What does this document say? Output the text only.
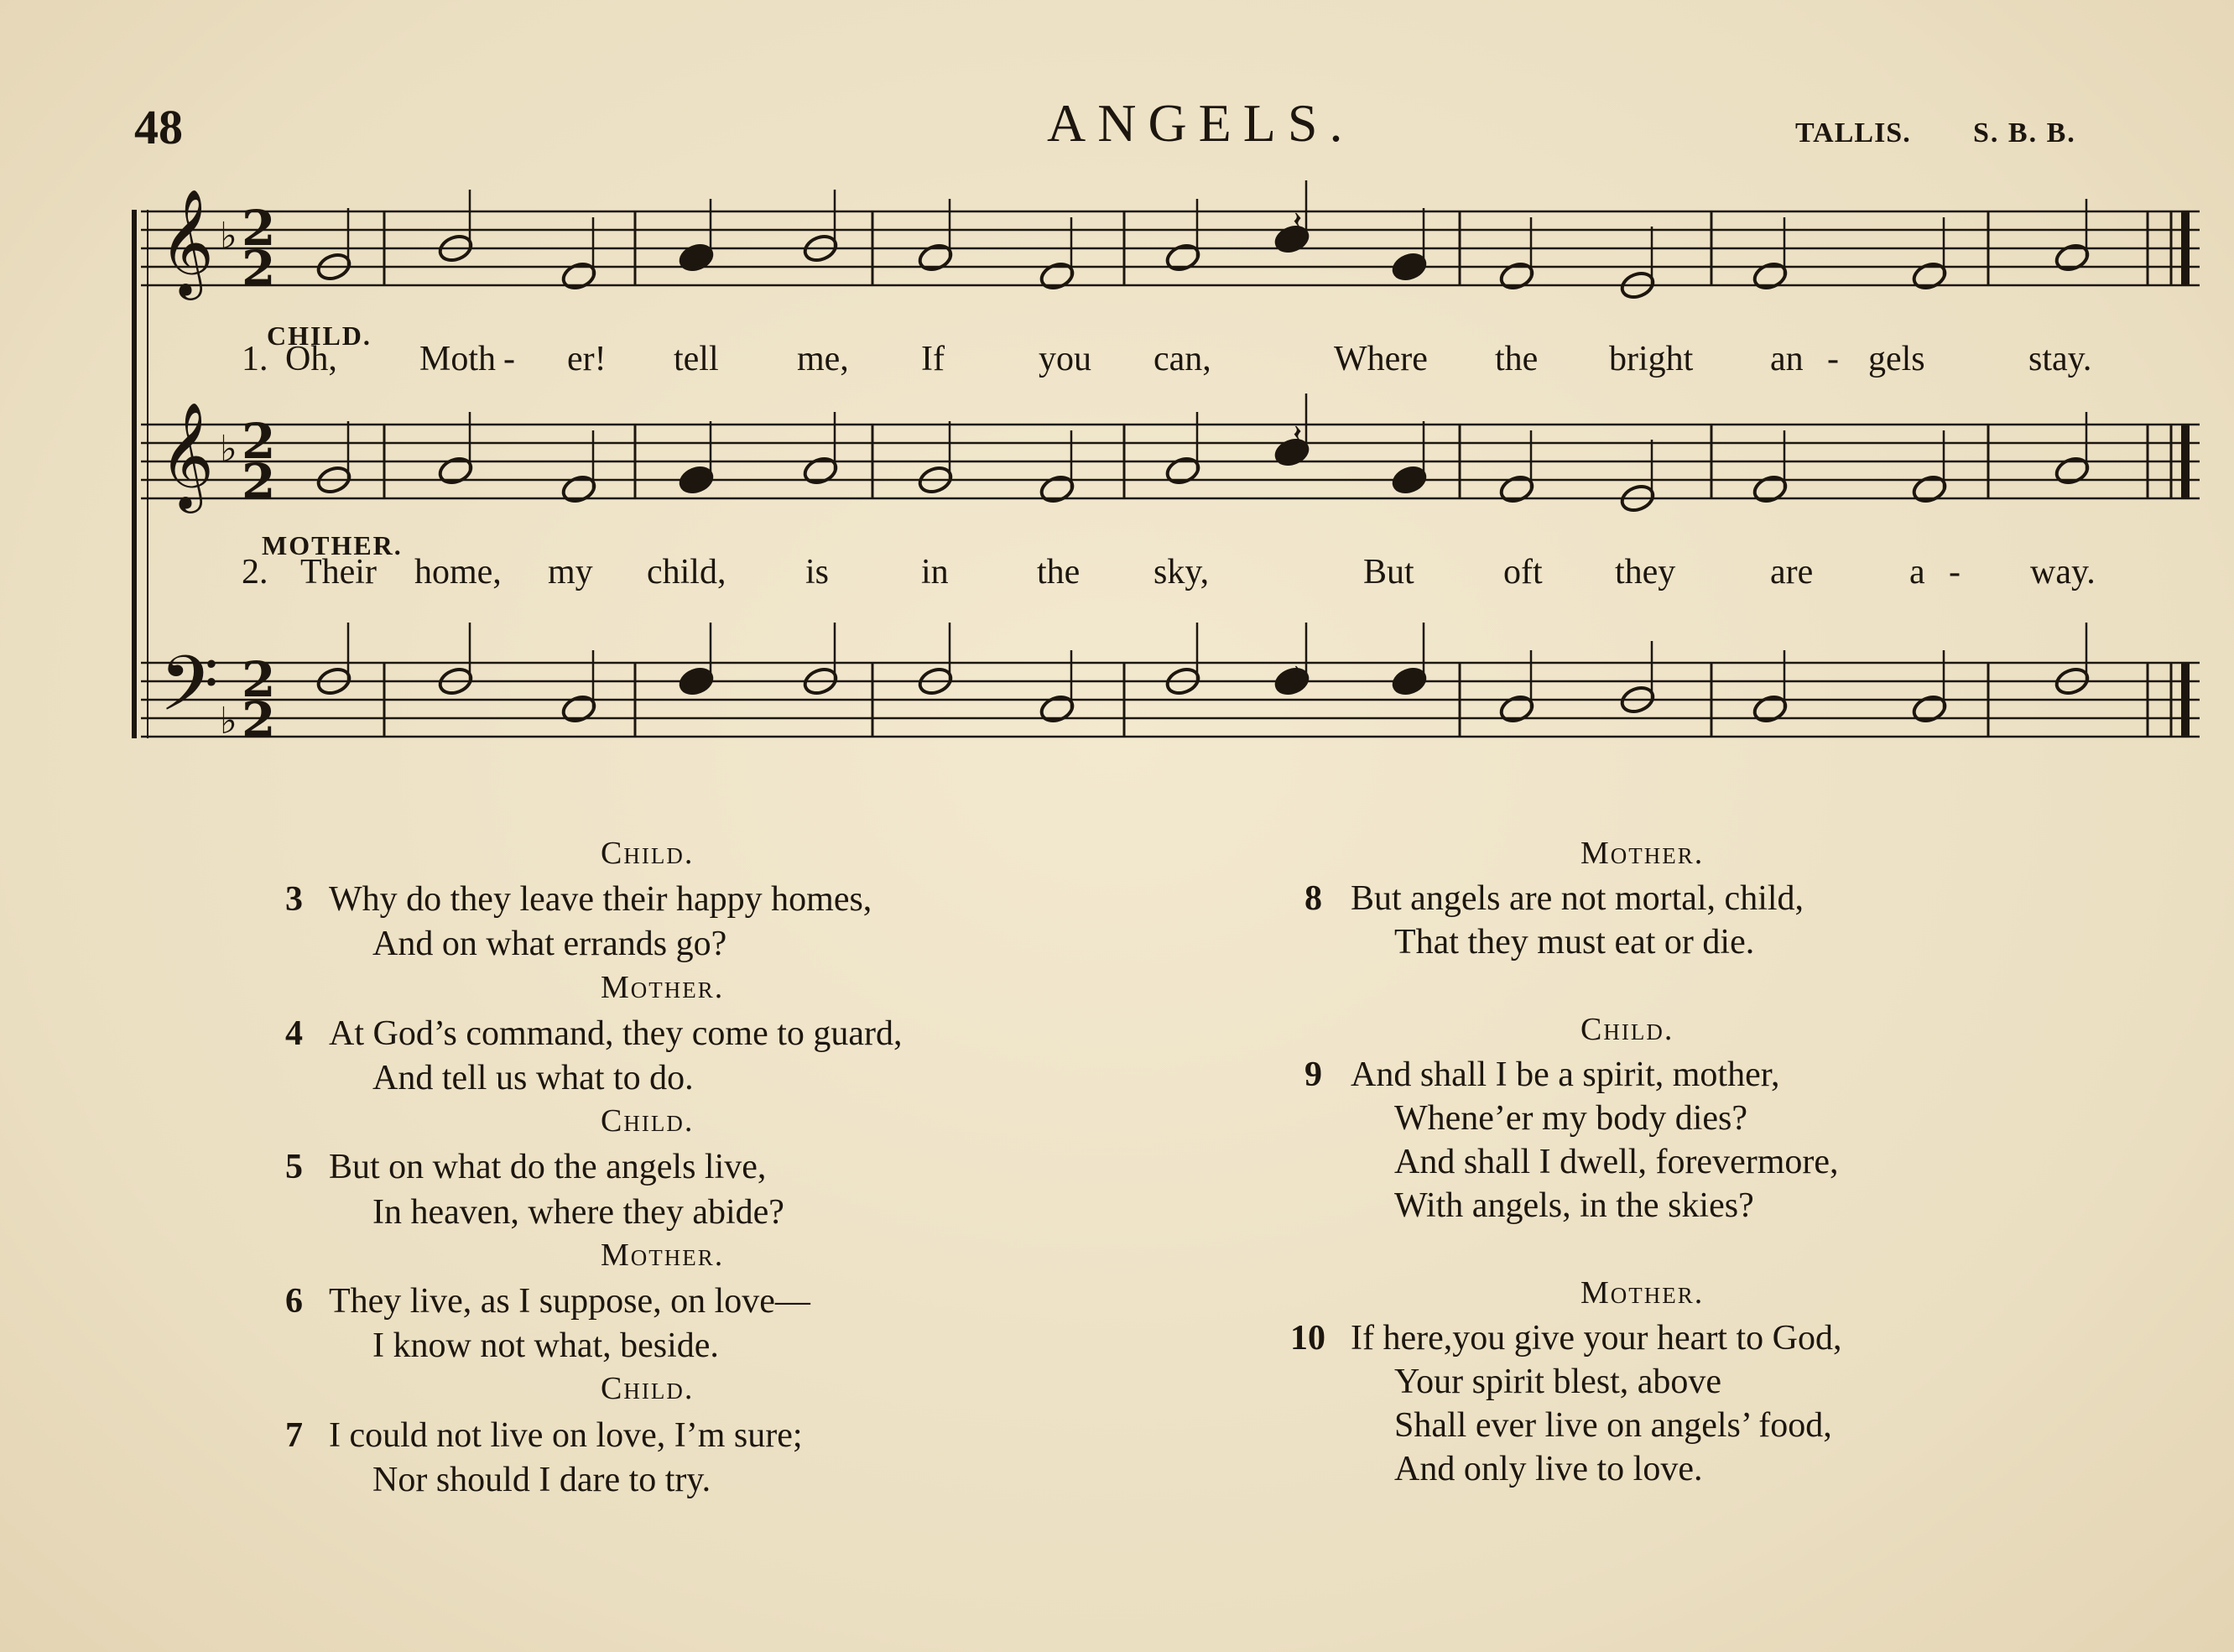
48	ANGELS.	TALLIS. S. B. B.
𝄞 2
2
♭
𝄞 2
2
♭
𝄢 2
2
♭
𝄽
𝄽
𝄽
CHILD.
MOTHER.
1. Oh, Moth - er! tell me, If	you can,	Where the bright an - gels	stay.
2. Their home, my child, is	in	the sky,	But	oft they	are	a - way.
Child.
3 Why do they leave their happy homes,
And on what errands go?
Mother.
4 At God’s command, they come to guard,
And tell us what to do.
Child.
5 But on what do the angels live,
In heaven, where they abide?
Mother.
6 They live, as I suppose, on love—
I know not what, beside.
Child.
7 I could not live on love, I’m sure;
Nor should I dare to try.
Mother.
8 But angels are not mortal, child,
That they must eat or die.
Child.
9 And shall I be a spirit, mother,
Whene’er my body dies?
And shall I dwell, forevermore,
With angels, in the skies?
Mother.
10 If here,you give your heart to God,
Your spirit blest, above
Shall ever live on angels’ food,
And only live to love.
